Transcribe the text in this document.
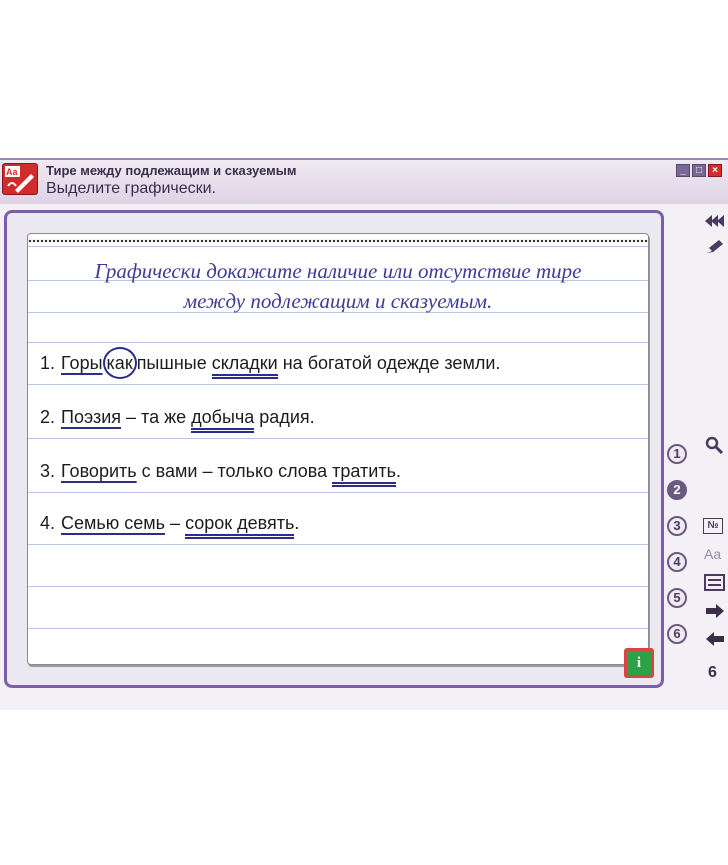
Aa Тире между подлежащим и сказуемым
Выделите графически.
_	□	×
Графически докажите наличие или отсутствие тире
между подлежащим и сказуемым.
1. Горы как пышные складки на богатой одежде земли.
2. Поэзия – та же добыча радия.
3. Говорить с вами – только слова тратить.
4. Семью семь – сорок девять.
i
1
2
3
4
5
6
№
Aa
6
